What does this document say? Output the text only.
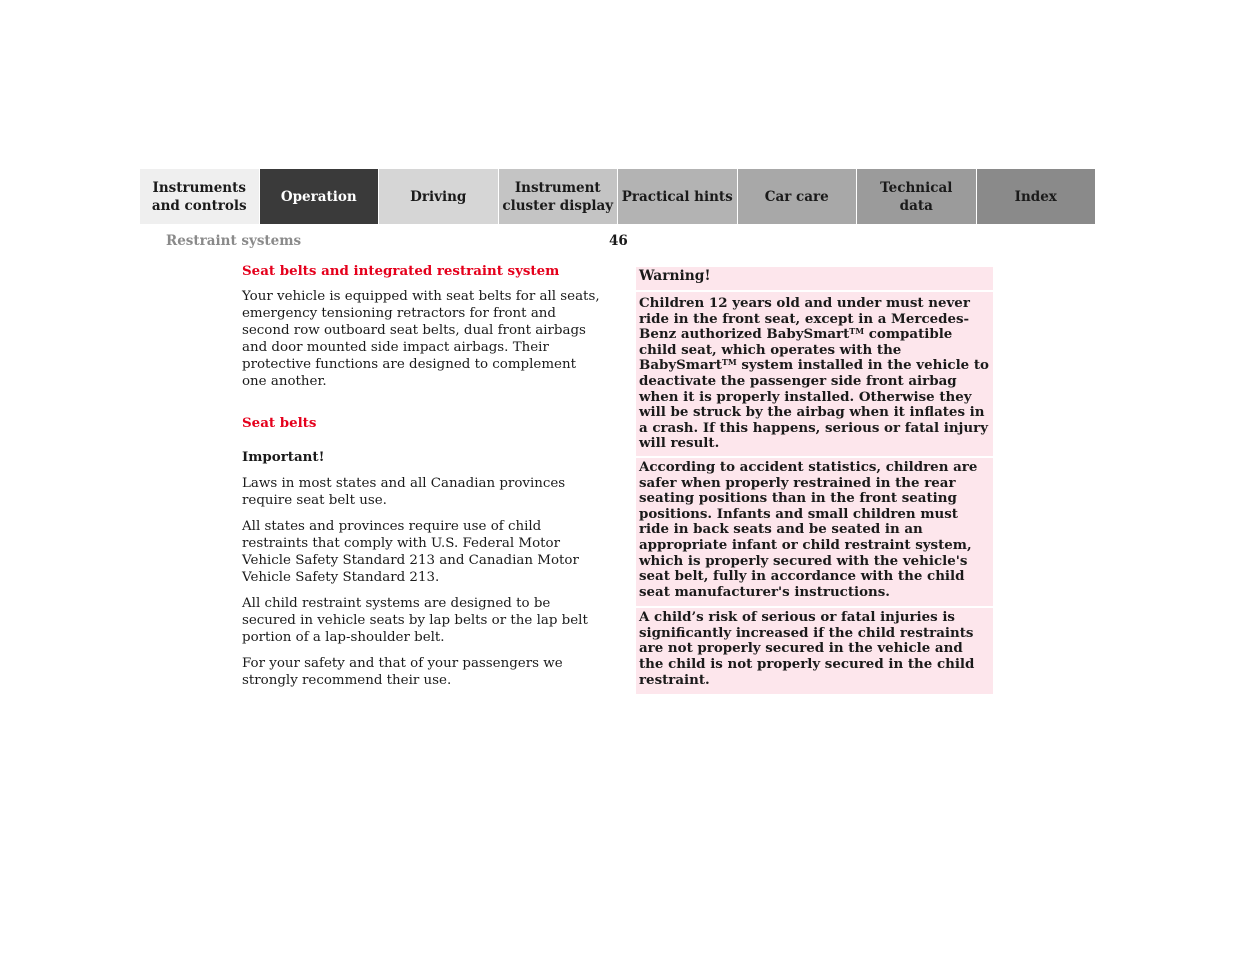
Instruments
and controls
Operation	Driving
Instrument
cluster display
Practical hints	Car care
Technical
data
Index
Restraint systems	46

Seat belts and integrated restraint system

Your vehicle is equipped with seat belts for all seats, emergency tensioning retractors for front and second row outboard seat belts, dual front airbags and door mounted side impact airbags. Their protective functions are designed to complement one another.

Seat belts

Important!

Laws in most states and all Canadian provinces require seat belt use.

All states and provinces require use of child restraints that comply with U.S. Federal Motor Vehicle Safety Standard 213 and Canadian Motor Vehicle Safety Standard 213.

All child restraint systems are designed to be secured in vehicle seats by lap belts or the lap belt portion of a lap-shoulder belt.

For your safety and that of your passengers we strongly recommend their use.

Warning!
Children 12 years old and under must never ride in the front seat, except in a Mercedes-Benz authorized BabySmart™ compatible child seat, which operates with the BabySmart™ system installed in the vehicle to deactivate the passenger side front airbag when it is properly installed. Otherwise they will be struck by the airbag when it inflates in a crash. If this happens, serious or fatal injury will result.
According to accident statistics, children are safer when properly restrained in the rear seating positions than in the front seating positions. Infants and small children must ride in back seats and be seated in an appropriate infant or child restraint system, which is properly secured with the vehicle's seat belt, fully in accordance with the child seat manufacturer's instructions.
A child’s risk of serious or fatal injuries is significantly increased if the child restraints are not properly secured in the vehicle and the child is not properly secured in the child restraint.
